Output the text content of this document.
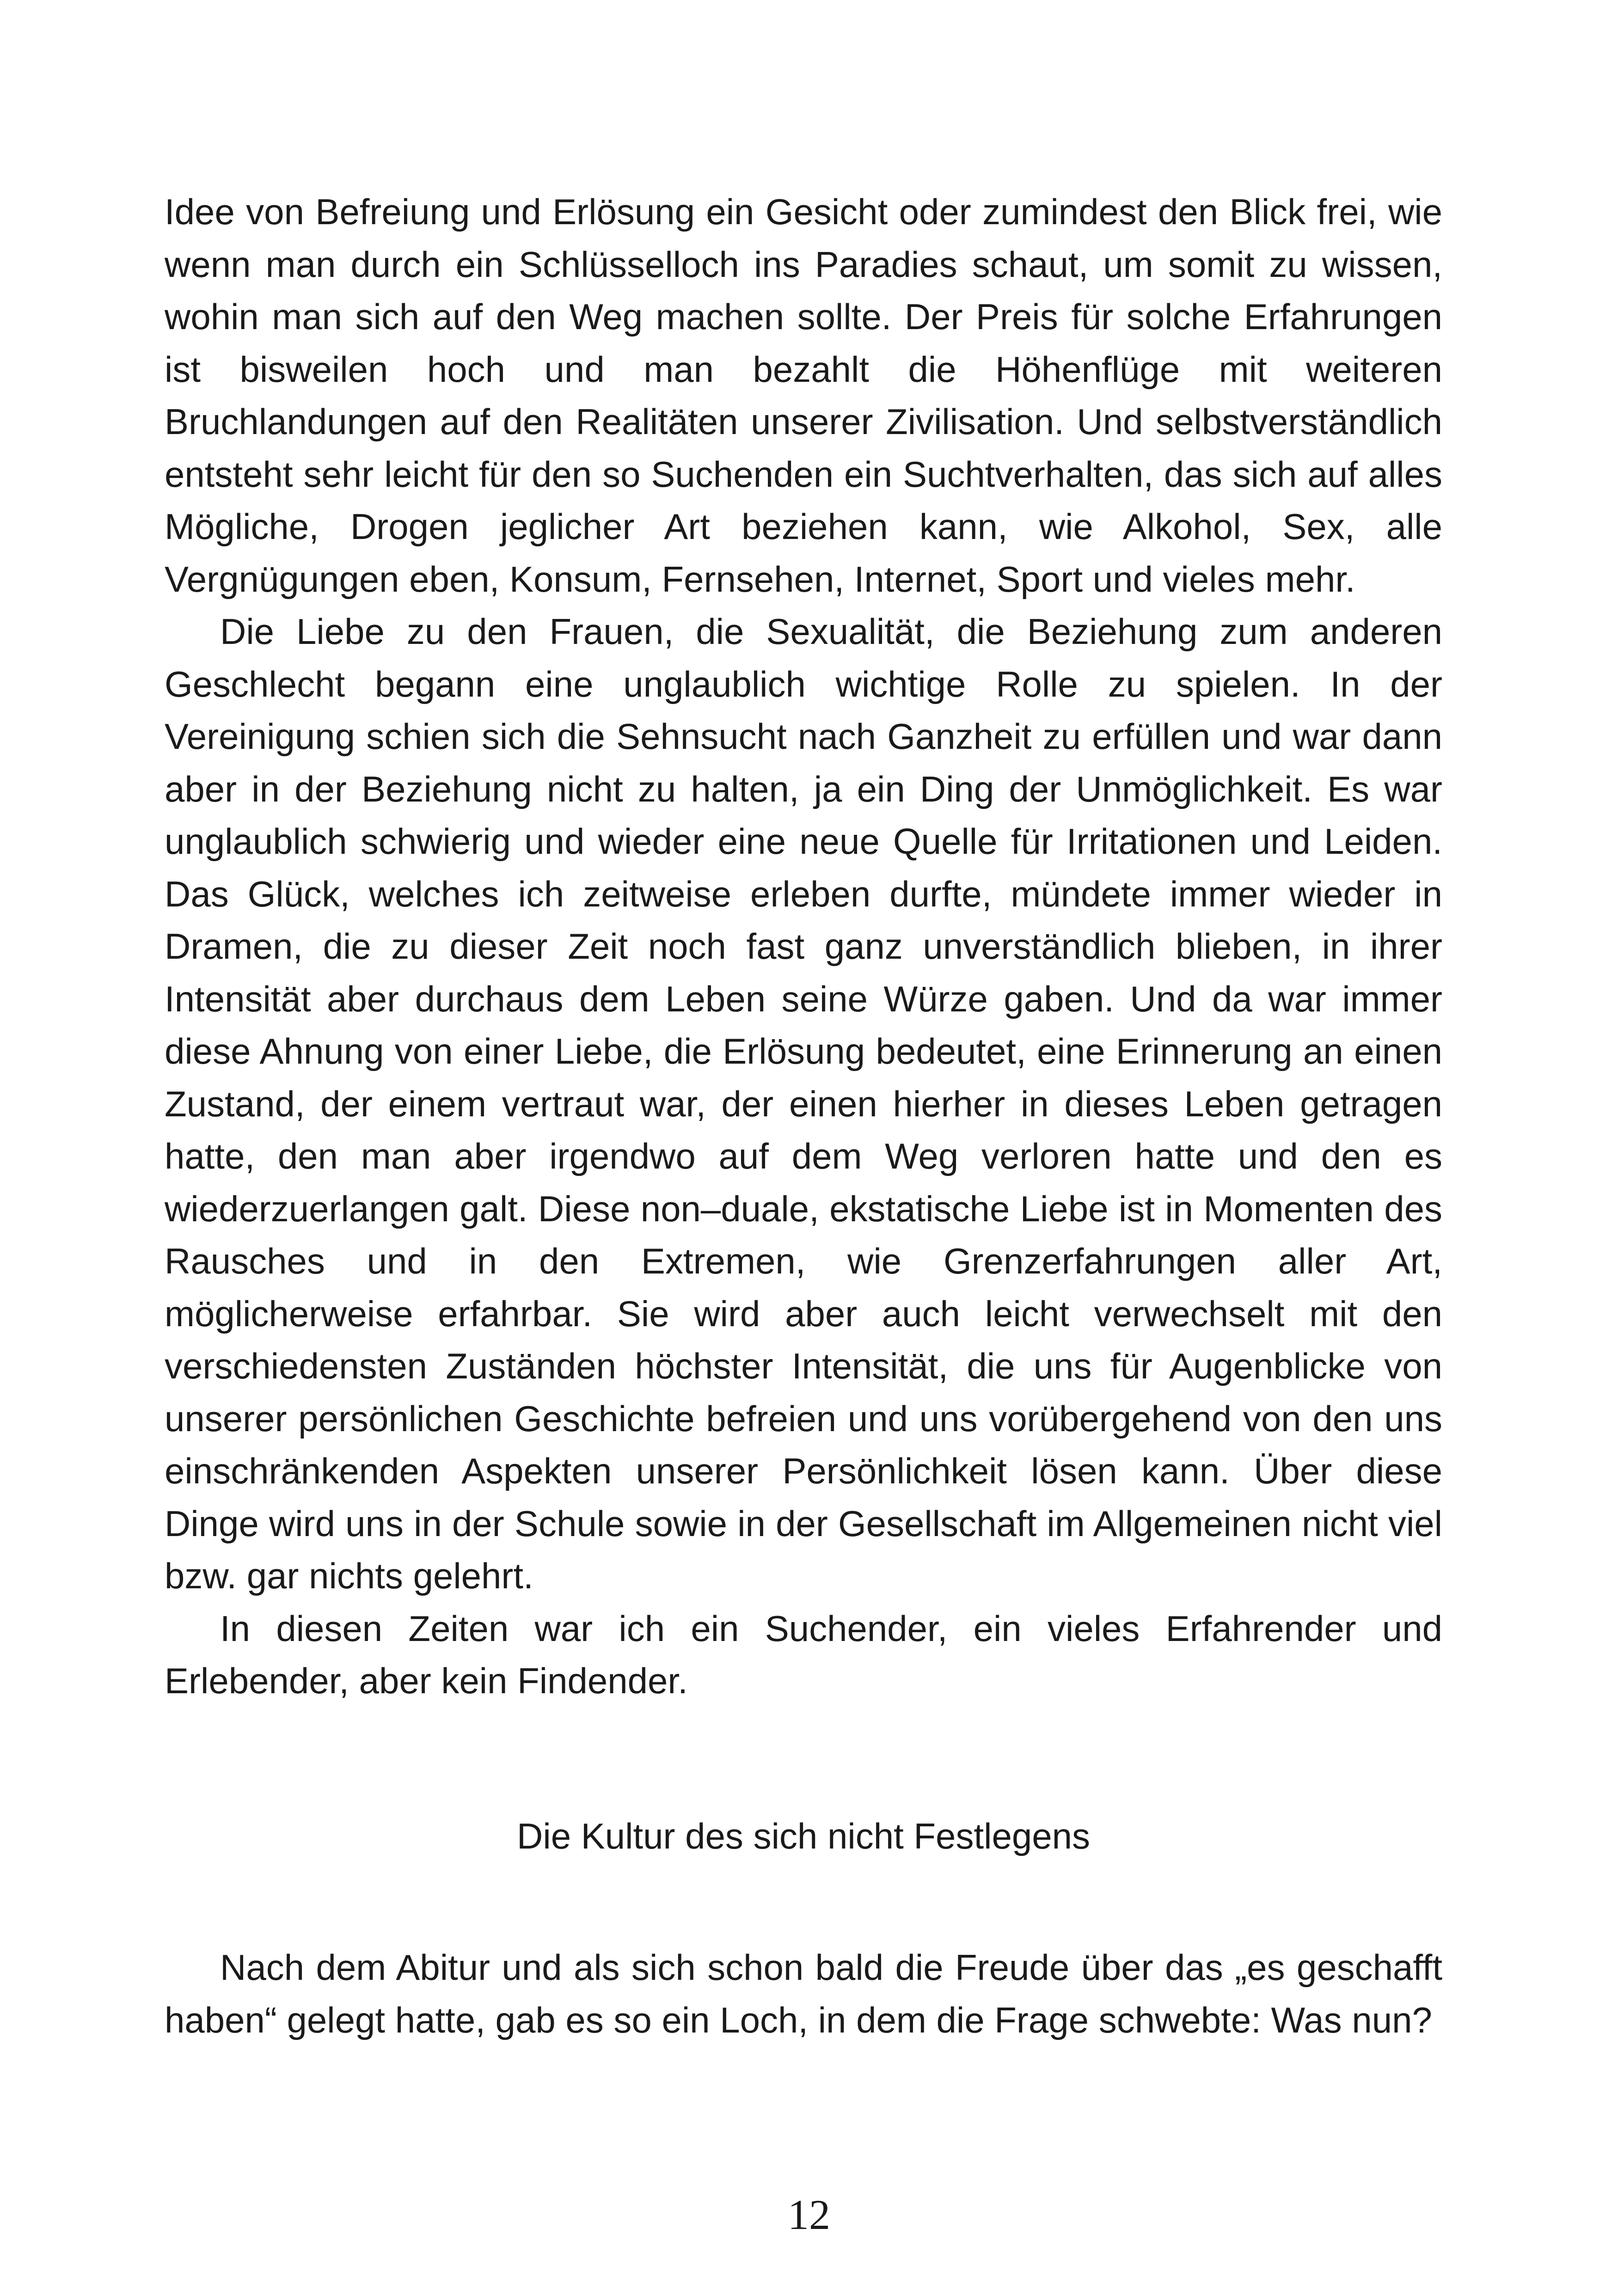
Idee von Befreiung und Erlösung ein Gesicht oder zumindest den Blick frei, wie wenn man durch ein Schlüsselloch ins Paradies schaut, um somit zu wissen, wohin man sich auf den Weg machen sollte. Der Preis für solche Erfahrungen ist bisweilen hoch und man bezahlt die Höhenflüge mit weiteren Bruchlandungen auf den Realitäten unserer Zivilisation. Und selbstverständlich entsteht sehr leicht für den so Suchenden ein Suchtverhalten, das sich auf alles Mögliche, Drogen jeglicher Art beziehen kann, wie Alkohol, Sex, alle Vergnügungen eben, Konsum, Fernsehen, Internet, Sport und vieles mehr.

Die Liebe zu den Frauen, die Sexualität, die Beziehung zum anderen Geschlecht begann eine unglaublich wichtige Rolle zu spielen. In der Vereinigung schien sich die Sehnsucht nach Ganzheit zu erfüllen und war dann aber in der Beziehung nicht zu halten, ja ein Ding der Unmöglichkeit. Es war unglaublich schwierig und wieder eine neue Quelle für Irritationen und Leiden. Das Glück, welches ich zeitweise erleben durfte, mündete immer wieder in Dramen, die zu dieser Zeit noch fast ganz unverständlich blieben, in ihrer Intensität aber durchaus dem Leben seine Würze gaben. Und da war immer diese Ahnung von einer Liebe, die Erlösung bedeutet, eine Erinnerung an einen Zustand, der einem vertraut war, der einen hierher in dieses Leben getragen hatte, den man aber irgendwo auf dem Weg verloren hatte und den es wiederzuerlangen galt. Diese non–duale, ekstatische Liebe ist in Momenten des Rausches und in den Extremen, wie Grenzerfahrungen aller Art, möglicherweise erfahrbar. Sie wird aber auch leicht verwechselt mit den verschiedensten Zuständen höchster Intensität, die uns für Augenblicke von unserer persönlichen Geschichte befreien und uns vorübergehend von den uns einschränkenden Aspekten unserer Persönlichkeit lösen kann. Über diese Dinge wird uns in der Schule sowie in der Gesellschaft im Allgemeinen nicht viel bzw. gar nichts gelehrt.

In diesen Zeiten war ich ein Suchender, ein vieles Erfahrender und Erlebender, aber kein Findender.

Die Kultur des sich nicht Festlegens

Nach dem Abitur und als sich schon bald die Freude über das „es geschafft haben“ gelegt hatte, gab es so ein Loch, in dem die Frage schwebte: Was nun?

12
